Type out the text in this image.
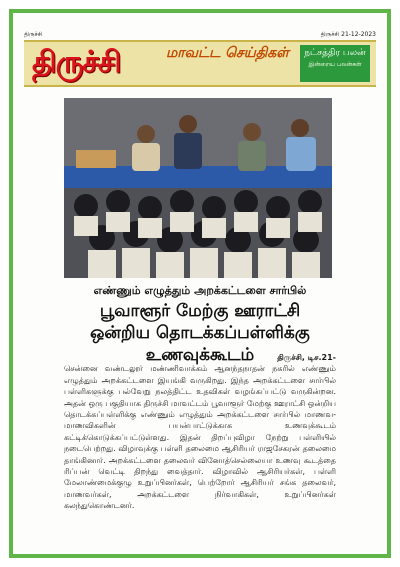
திருச்சி	திருச்சி 21-12-2023
திருச்சி	மாவட்ட செய்திகள்	நட்சத்திர பலன்
இன்றைய பலன்கள்
எண்ணும் எழுத்தும் அறக்கட்டளை சார்பில்
பூவாளூர் மேற்கு ஊராட்சி ஒன்றிய தொடக்கப்பள்ளிக்கு உணவுக்கூடம்	திருச்சி, டிச.21-
சென்னை வண்டலூர் மண்ணிவாக்கம் ஆனந்தநாதன் நகரில் எண்ணும் எழுத்தும் அறக்கட்டளை இயங்கி வருகிறது. இந்த அறக்கட்டளை சார்பில் பள்ளிகளுக்கு பல்வேறு நலத்திட்ட உதவிகள் வழங்கப்பட்டு வருகின்றன. அதன் ஒரு பகுதியாக திருச்சி மாவட்டம் பூவாளூர் மேற்கு ஊராட்சி ஒன்றிய தொடக்கப்பள்ளிக்கு எண்ணும் எழுத்தும் அறக்கட்டளை சார்பில் மாணவ-மாணவிகளின் பயன்பாட்டுக்காக உணவுக்கூடம் கட்டிக்கொடுக்கப்பட்டுள்ளது. இதன் திறப்புவிழா நேற்று பள்ளியில் நடைபெற்றது. விழாவுக்கு பள்ளி தலைமை ஆசிரியர் ராஜசேகரன் தலைமை தாங்கினார். அறக்கட்டளை தலைவர் வினோத்செல்லையா உணவு கூடத்தை ரிப்பன் வெட்டி திறந்து வைத்தார். விழாவில் ஆசிரியர்கள், பள்ளி மேலாண்மைக்குழு உறுப்பினர்கள், பெற்றோர் ஆசிரியர் சங்க தலைவர், மாணவர்கள், அறக்கட்டளை நிர்வாகிகள், உறுப்பினர்கள் கலந்துகொண்டனர்.
